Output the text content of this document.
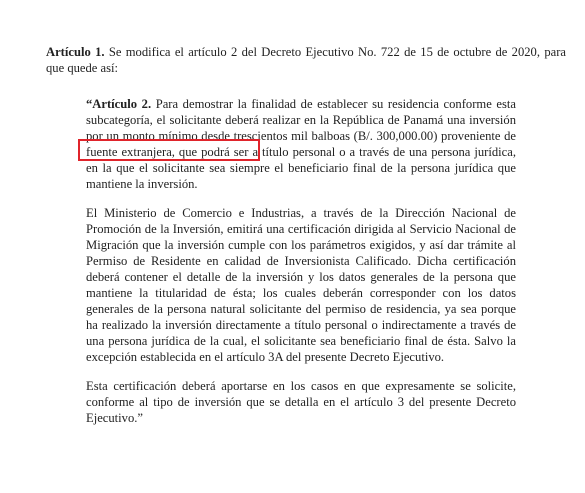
Artículo 1. Se modifica el artículo 2 del Decreto Ejecutivo No. 722 de 15 de octubre de 2020, para que quede así:

“Artículo 2. Para demostrar la finalidad de establecer su residencia conforme esta subcategoría, el solicitante deberá realizar en la República de Panamá una inversión por un monto mínimo desde trescientos mil balboas (B/. 300,000.00) proveniente de fuente extranjera, que podrá ser a título personal o a través de una persona jurídica, en la que el solicitante sea siempre el beneficiario final de la persona jurídica que mantiene la inversión.

El Ministerio de Comercio e Industrias, a través de la Dirección Nacional de Promoción de la Inversión, emitirá una certificación dirigida al Servicio Nacional de Migración que la inversión cumple con los parámetros exigidos, y así dar trámite al Permiso de Residente en calidad de Inversionista Calificado. Dicha certificación deberá contener el detalle de la inversión y los datos generales de la persona que mantiene la titularidad de ésta; los cuales deberán corresponder con los datos generales de la persona natural solicitante del permiso de residencia, ya sea porque ha realizado la inversión directamente a título personal o indirectamente a través de una persona jurídica de la cual, el solicitante sea beneficiario final de ésta. Salvo la excepción establecida en el artículo 3A del presente Decreto Ejecutivo.

Esta certificación deberá aportarse en los casos en que expresamente se solicite, conforme al tipo de inversión que se detalla en el artículo 3 del presente Decreto Ejecutivo.”
